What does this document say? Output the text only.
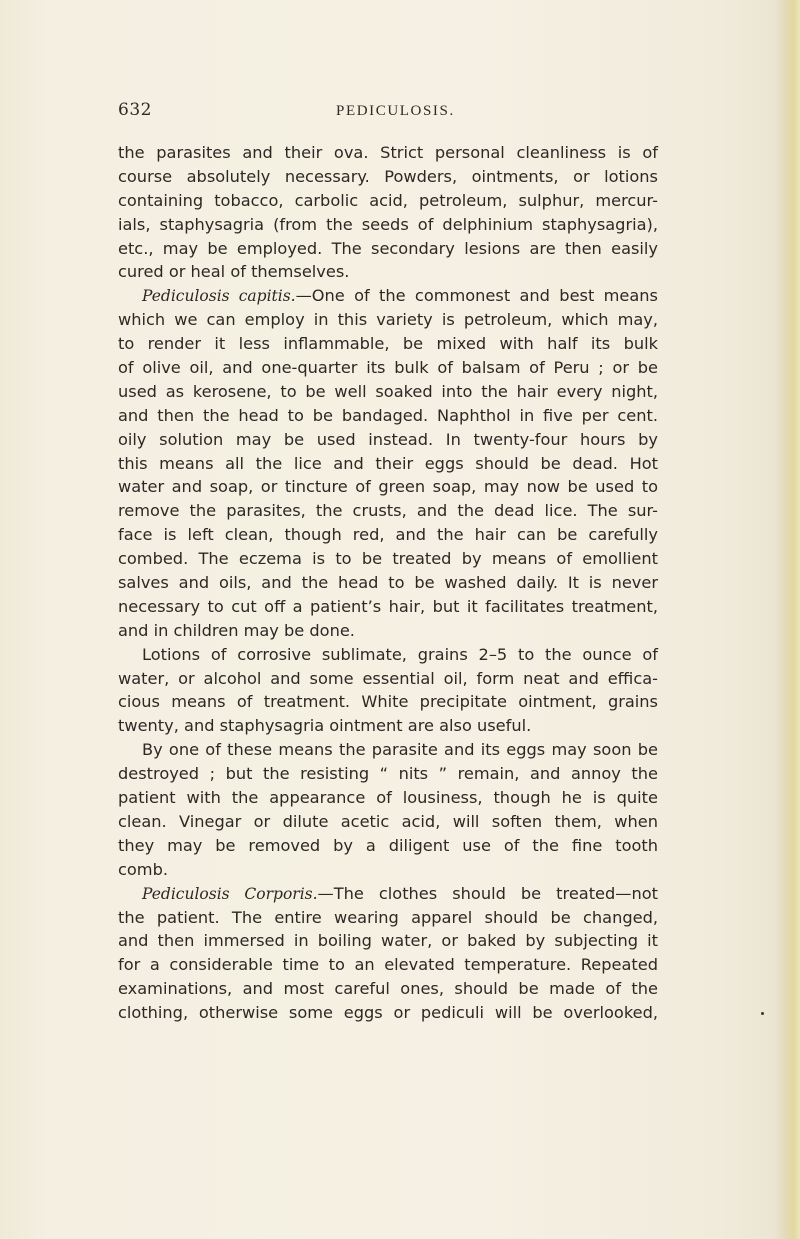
632	PEDICULOSIS.
the parasites and their ova. Strict personal cleanliness is of
course absolutely necessary. Powders, ointments, or lotions
containing tobacco, carbolic acid, petroleum, sulphur, mercur-
ials, staphysagria (from the seeds of delphinium staphysagria),
etc., may be employed. The secondary lesions are then easily
cured or heal of themselves.
Pediculosis capitis.—One of the commonest and best means
which we can employ in this variety is petroleum, which may,
to render it less inflammable, be mixed with half its bulk
of olive oil, and one-quarter its bulk of balsam of Peru ; or be
used as kerosene, to be well soaked into the hair every night,
and then the head to be bandaged. Naphthol in five per cent.
oily solution may be used instead. In twenty-four hours by
this means all the lice and their eggs should be dead. Hot
water and soap, or tincture of green soap, may now be used to
remove the parasites, the crusts, and the dead lice. The sur-
face is left clean, though red, and the hair can be carefully
combed. The eczema is to be treated by means of emollient
salves and oils, and the head to be washed daily. It is never
necessary to cut off a patient’s hair, but it facilitates treatment,
and in children may be done.
Lotions of corrosive sublimate, grains 2–5 to the ounce of
water, or alcohol and some essential oil, form neat and effica-
cious means of treatment. White precipitate ointment, grains
twenty, and staphysagria ointment are also useful.
By one of these means the parasite and its eggs may soon be
destroyed ; but the resisting “ nits ” remain, and annoy the
patient with the appearance of lousiness, though he is quite
clean. Vinegar or dilute acetic acid, will soften them, when
they may be removed by a diligent use of the fine tooth
comb.
Pediculosis Corporis.—The clothes should be treated—not
the patient. The entire wearing apparel should be changed,
and then immersed in boiling water, or baked by subjecting it
for a considerable time to an elevated temperature. Repeated
examinations, and most careful ones, should be made of the
clothing, otherwise some eggs or pediculi will be overlooked,
